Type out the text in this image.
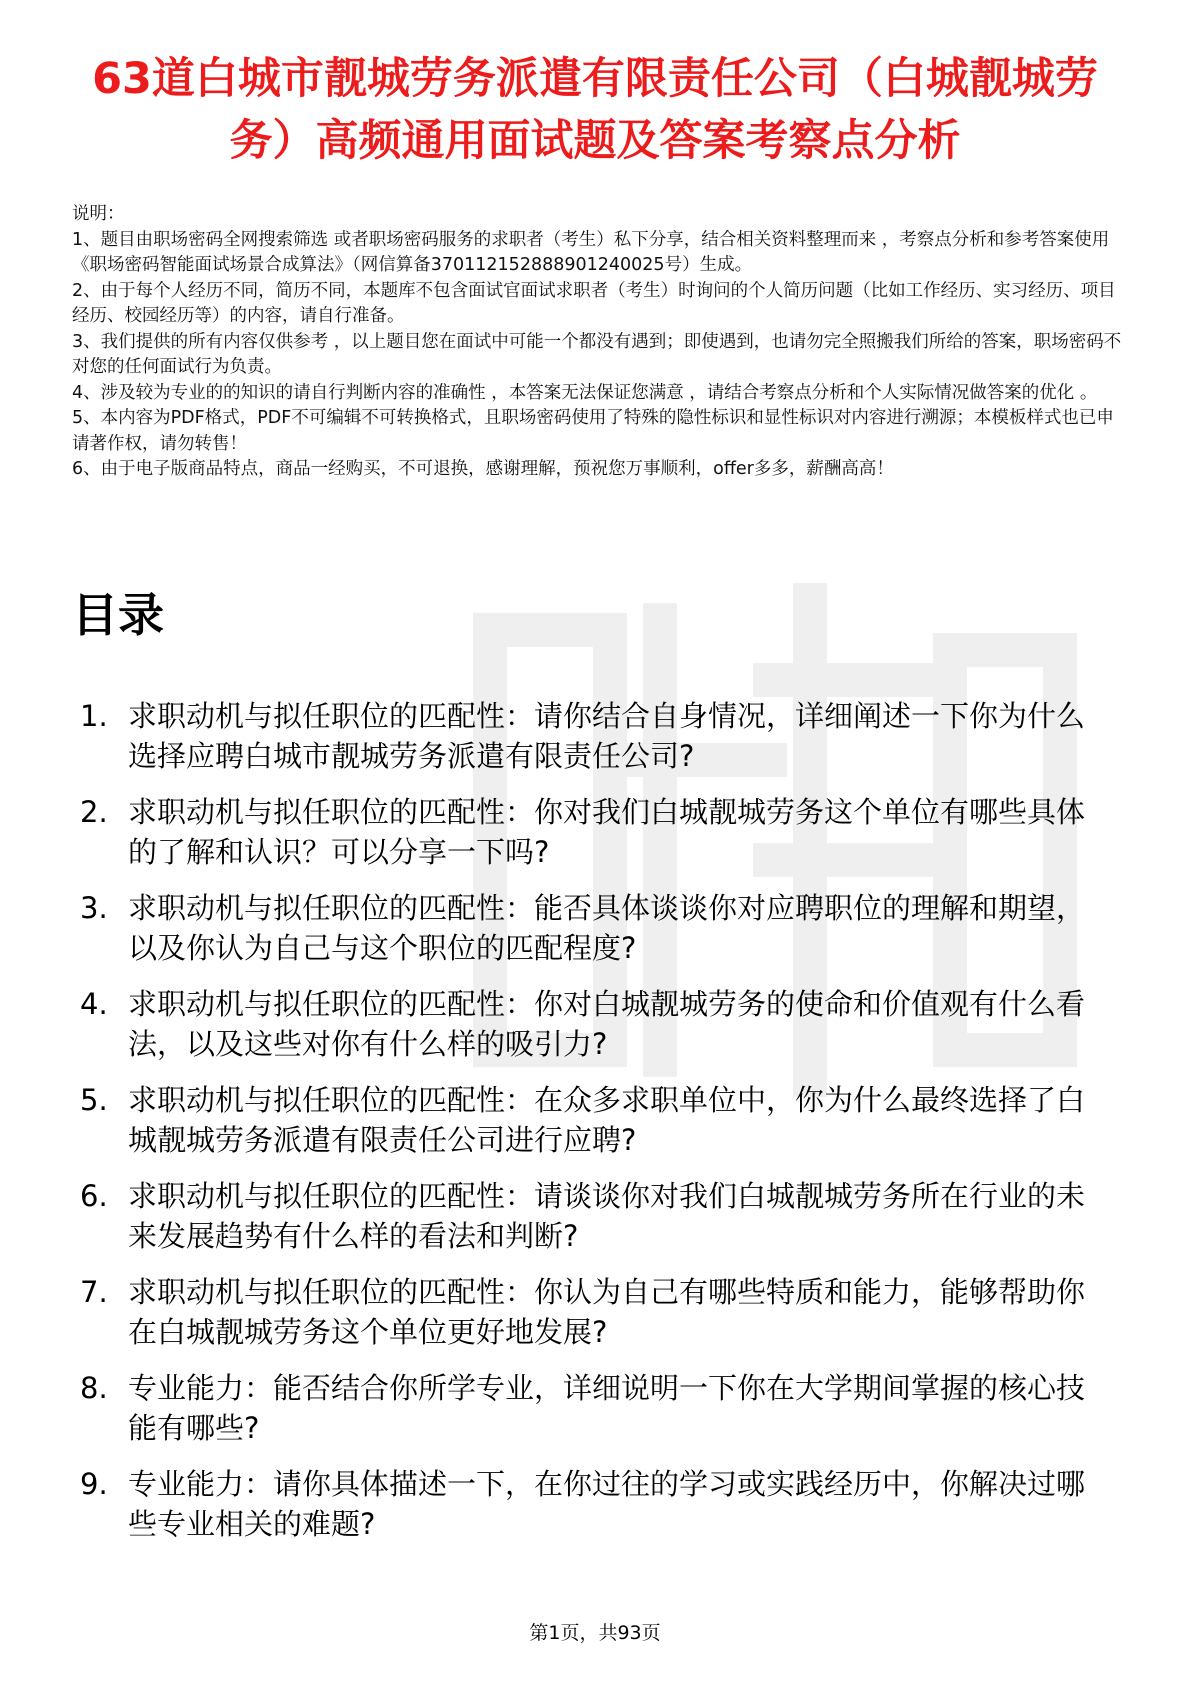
63道白城市靓城劳务派遣有限责任公司（白城靓城劳务）高频通用面试题及答案考察点分析

说明：

1、题目由职场密码全网搜索筛选 或者职场密码服务的求职者（考生）私下分享，结合相关资料整理而来 ，考察点分析和参考答案使用《职场密码智能面试场景合成算法》（网信算备370112152888901240025号）生成。

2、由于每个人经历不同，简历不同，本题库不包含面试官面试求职者（考生）时询问的个人简历问题（比如工作经历、实习经历、项目经历、校园经历等）的内容，请自行准备。

3、我们提供的所有内容仅供参考 ，以上题目您在面试中可能一个都没有遇到；即使遇到，也请勿完全照搬我们所给的答案，职场密码不对您的任何面试行为负责。

4、涉及较为专业的的知识的请自行判断内容的准确性 ，本答案无法保证您满意 ，请结合考察点分析和个人实际情况做答案的优化 。

5、本内容为PDF格式，PDF不可编辑不可转换格式，且职场密码使用了特殊的隐性标识和显性标识对内容进行溯源；本模板样式也已申请著作权，请勿转售！

6、由于电子版商品特点，商品一经购买，不可退换，感谢理解，预祝您万事顺利，offer多多，薪酬高高！

目录
1. 求职动机与拟任职位的匹配性：请你结合自身情况，详细阐述一下你为什么选择应聘白城市靓城劳务派遣有限责任公司?
2. 求职动机与拟任职位的匹配性：你对我们白城靓城劳务这个单位有哪些具体的了解和认识？可以分享一下吗?
3. 求职动机与拟任职位的匹配性：能否具体谈谈你对应聘职位的理解和期望，以及你认为自己与这个职位的匹配程度?
4. 求职动机与拟任职位的匹配性：你对白城靓城劳务的使命和价值观有什么看法，以及这些对你有什么样的吸引力?
5. 求职动机与拟任职位的匹配性：在众多求职单位中，你为什么最终选择了白城靓城劳务派遣有限责任公司进行应聘?
6. 求职动机与拟任职位的匹配性：请谈谈你对我们白城靓城劳务所在行业的未来发展趋势有什么样的看法和判断?
7. 求职动机与拟任职位的匹配性：你认为自己有哪些特质和能力，能够帮助你在白城靓城劳务这个单位更好地发展?
8. 专业能力：能否结合你所学专业，详细说明一下你在大学期间掌握的核心技能有哪些?
9. 专业能力：请你具体描述一下，在你过往的学习或实践经历中，你解决过哪些专业相关的难题?
第1页，共93页
